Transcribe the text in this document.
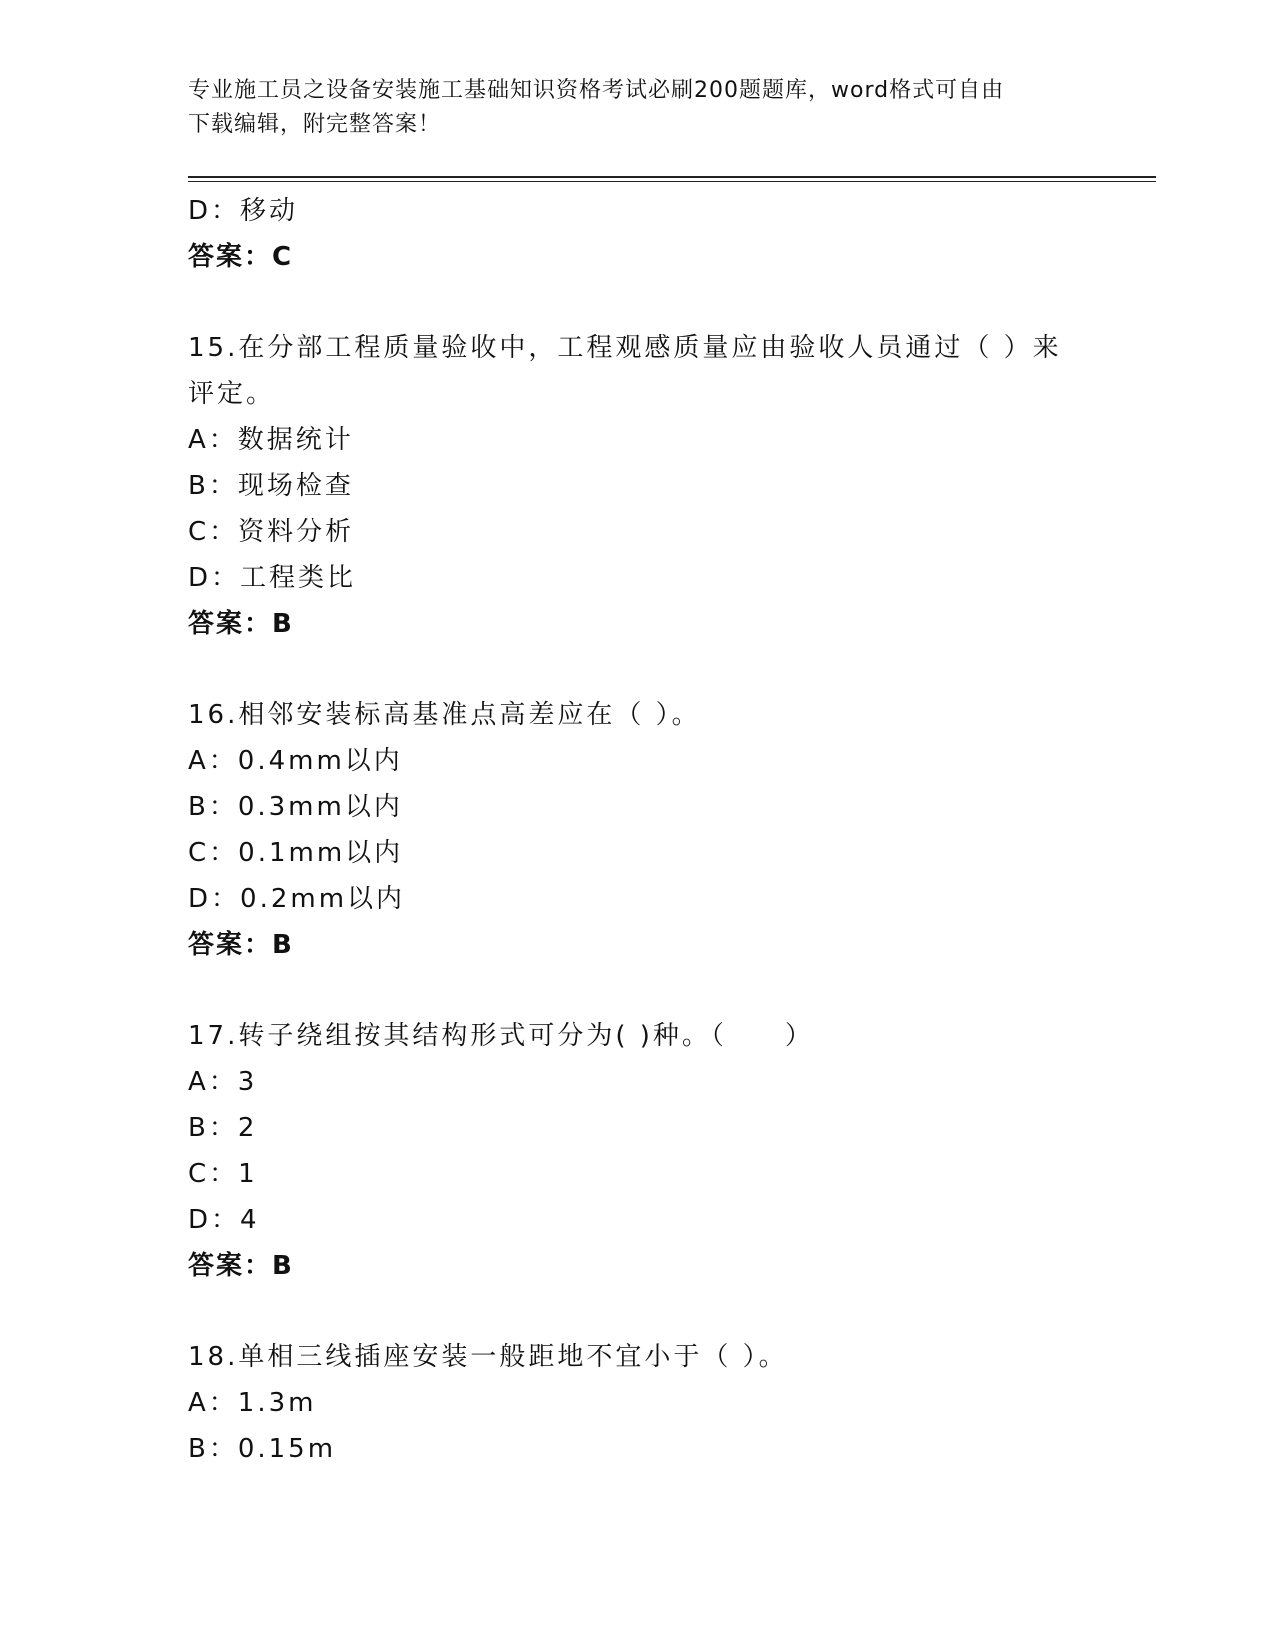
专业施工员之设备安装施工基础知识资格考试必刷200题题库，word格式可自由
下载编辑，附完整答案！
D：移动
答案：C
15.在分部工程质量验收中，工程观感质量应由验收人员通过（ ）来
评定。
A：数据统计
B：现场检查
C：资料分析
D：工程类比
答案：B
16.相邻安装标高基准点高差应在（ ）。
A：0.4mm以内
B：0.3mm以内
C：0.1mm以内
D：0.2mm以内
答案：B
17.转子绕组按其结构形式可分为( )种。（　　）
A：3
B：2
C：1
D：4
答案：B
18.单相三线插座安装一般距地不宜小于（ ）。
A：1.3m
B：0.15m
